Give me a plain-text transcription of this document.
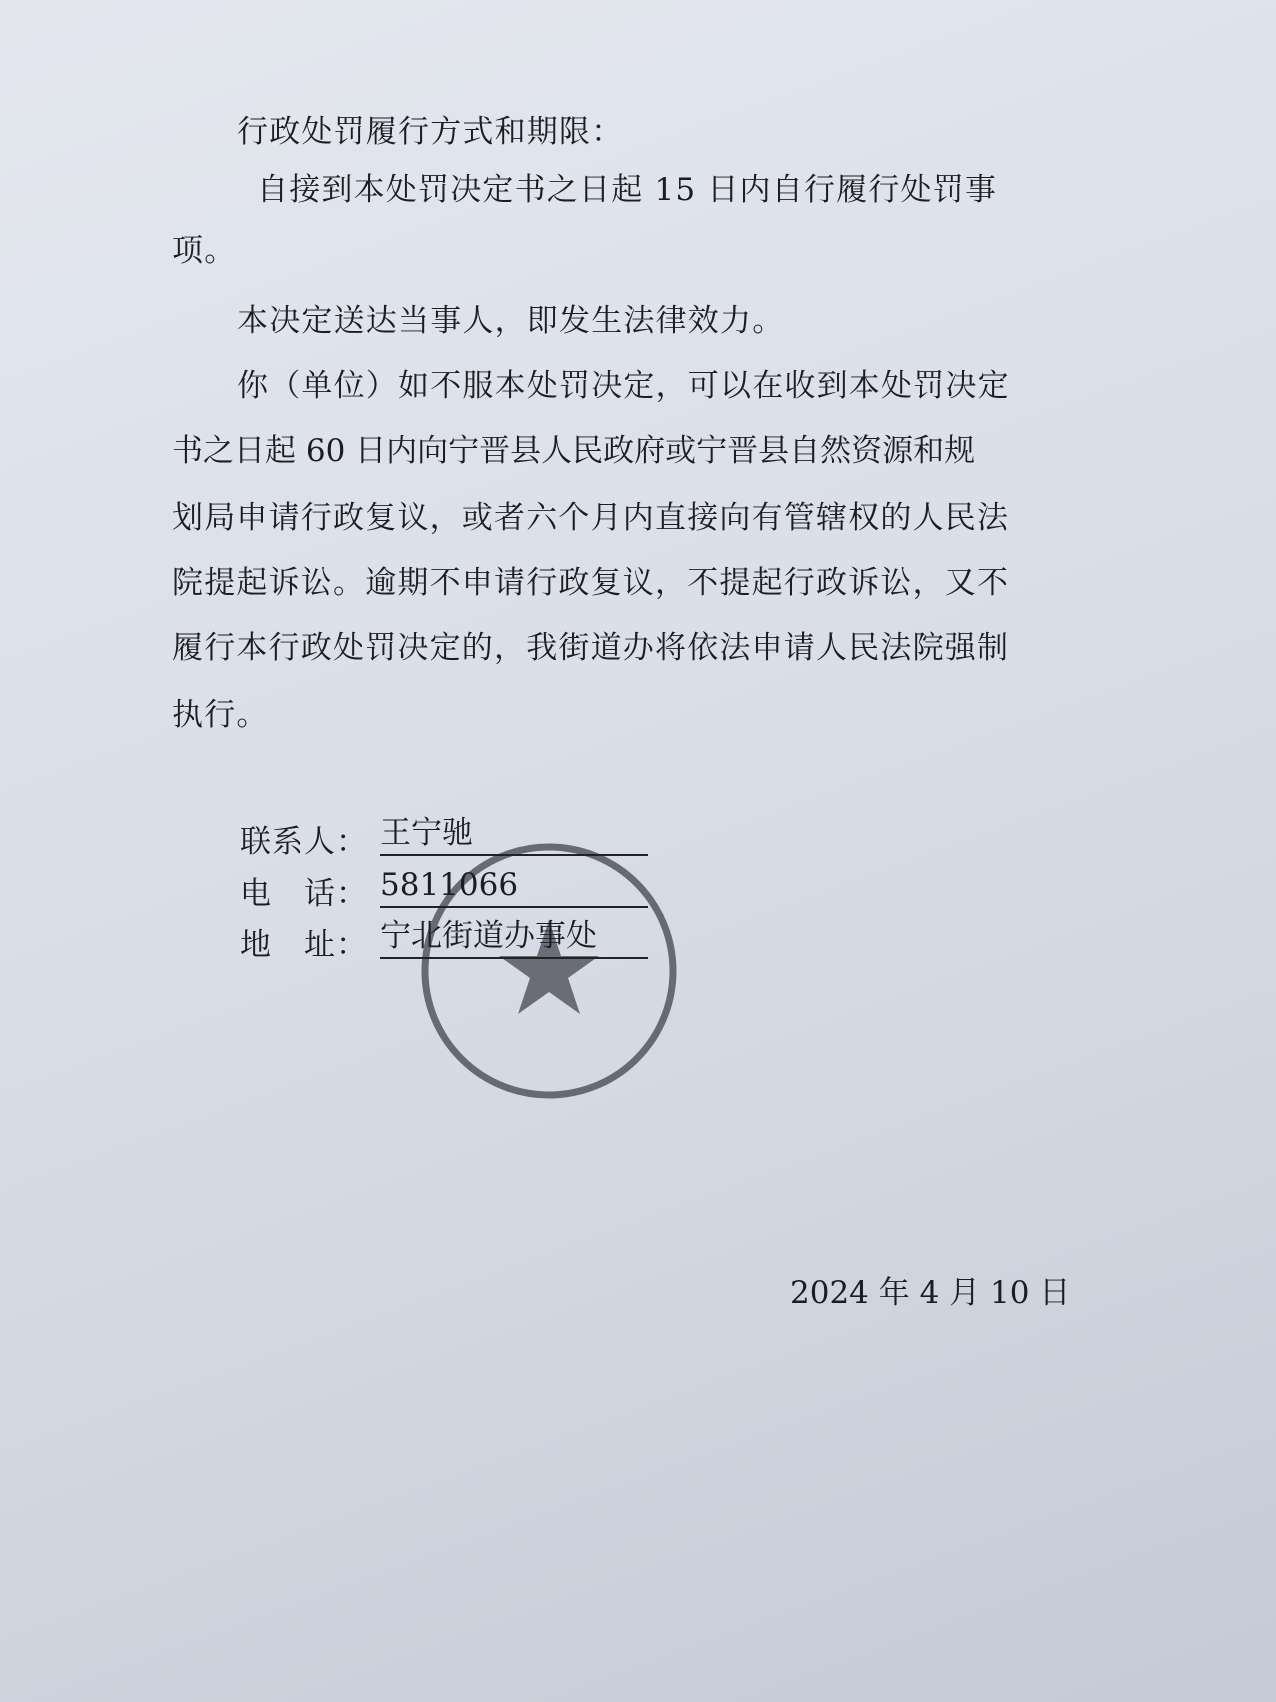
行政处罚履行方式和期限：
自接到本处罚决定书之日起 15 日内自行履行处罚事
项。
本决定送达当事人，即发生法律效力。
你（单位）如不服本处罚决定，可以在收到本处罚决定
书之日起 60 日内向宁晋县人民政府或宁晋县自然资源和规
划局申请行政复议，或者六个月内直接向有管辖权的人民法
院提起诉讼。逾期不申请行政复议，不提起行政诉讼，又不
履行本行政处罚决定的，我街道办将依法申请人民法院强制
执行。
联系人： 王宁驰
电　话： 5811066
地　址： 宁北街道办事处
2024 年 4 月 10 日
